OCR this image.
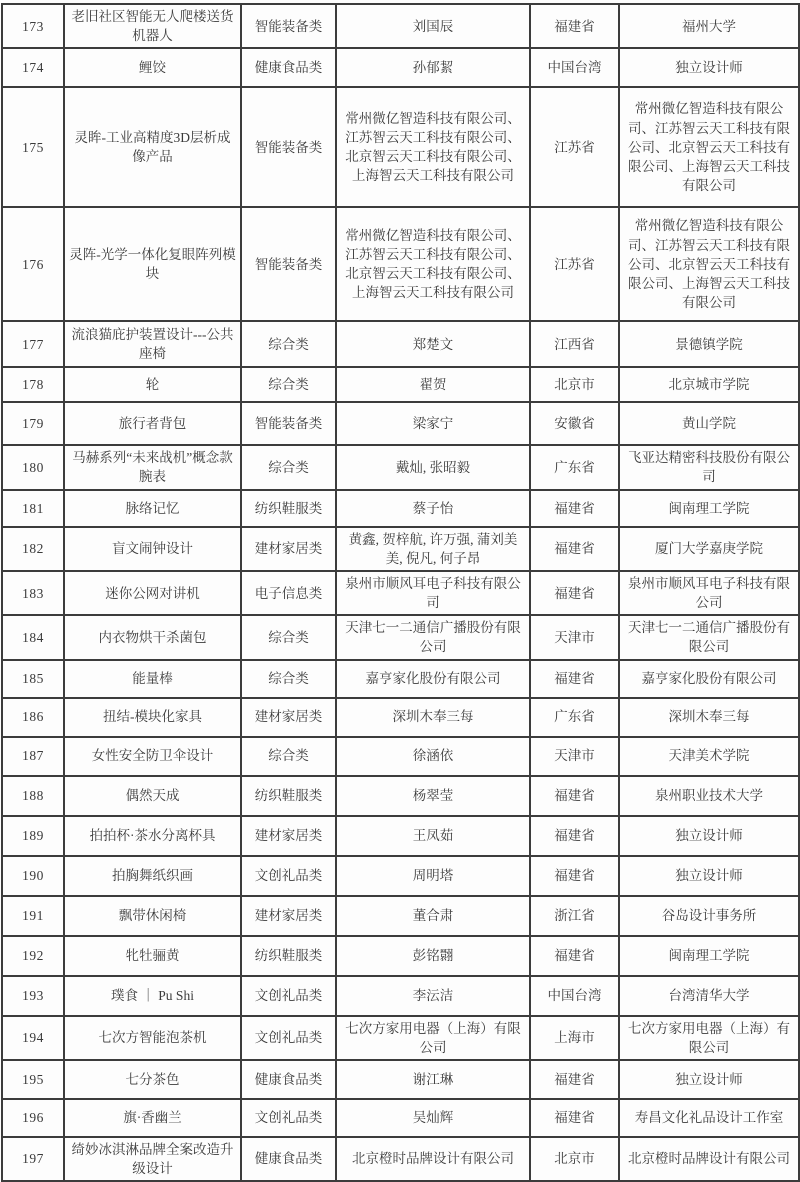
173	老旧社区智能无人爬楼送货机器人	智能装备类	刘国辰	福建省	福州大学
174	鲤饺	健康食品类	孙郁絜	中国台湾	独立设计师
175	灵眸-工业高精度3D层析成像产品	智能装备类	常州微亿智造科技有限公司、江苏智云天工科技有限公司、北京智云天工科技有限公司、上海智云天工科技有限公司	江苏省	常州微亿智造科技有限公司、江苏智云天工科技有限公司、北京智云天工科技有限公司、上海智云天工科技有限公司
176	灵阵-光学一体化复眼阵列模块	智能装备类	常州微亿智造科技有限公司、江苏智云天工科技有限公司、北京智云天工科技有限公司、上海智云天工科技有限公司	江苏省	常州微亿智造科技有限公司、江苏智云天工科技有限公司、北京智云天工科技有限公司、上海智云天工科技有限公司
177	流浪猫庇护装置设计---公共座椅	综合类	郑楚文	江西省	景德镇学院
178	轮	综合类	翟贺	北京市	北京城市学院
179	旅行者背包	智能装备类	梁家宁	安徽省	黄山学院
180	马赫系列“未来战机”概念款腕表	综合类	戴灿, 张昭毅	广东省	飞亚达精密科技股份有限公司
181	脉络记忆	纺织鞋服类	蔡子怡	福建省	闽南理工学院
182	盲文闹钟设计	建材家居类	黄鑫, 贺梓航, 许万强, 蒲刘美美, 倪凡, 何子昂	福建省	厦门大学嘉庚学院
183	迷你公网对讲机	电子信息类	泉州市顺风耳电子科技有限公司	福建省	泉州市顺风耳电子科技有限公司
184	内衣物烘干杀菌包	综合类	天津七一二通信广播股份有限公司	天津市	天津七一二通信广播股份有限公司
185	能量棒	综合类	嘉亨家化股份有限公司	福建省	嘉亨家化股份有限公司
186	扭结-模块化家具	建材家居类	深圳木奉三每	广东省	深圳木奉三每
187	女性安全防卫伞设计	综合类	徐涵依	天津市	天津美术学院
188	偶然天成	纺织鞋服类	杨翠莹	福建省	泉州职业技术大学
189	拍拍杯·茶水分离杯具	建材家居类	王凤茹	福建省	独立设计师
190	拍胸舞纸织画	文创礼品类	周明塔	福建省	独立设计师
191	飘带休闲椅	建材家居类	董合肃	浙江省	谷岛设计事务所
192	牝牡骊黄	纺织鞋服类	彭铭翾	福建省	闽南理工学院
193	璞食 ｜ Pu Shi	文创礼品类	李沄洁	中国台湾	台湾清华大学
194	七次方智能泡茶机	文创礼品类	七次方家用电器（上海）有限公司	上海市	七次方家用电器（上海）有限公司
195	七分茶色	健康食品类	谢江琳	福建省	独立设计师
196	旗·香幽兰	文创礼品类	吴灿辉	福建省	寿昌文化礼品设计工作室
197	绮妙冰淇淋品牌全案改造升级设计	健康食品类	北京橙时品牌设计有限公司	北京市	北京橙时品牌设计有限公司
